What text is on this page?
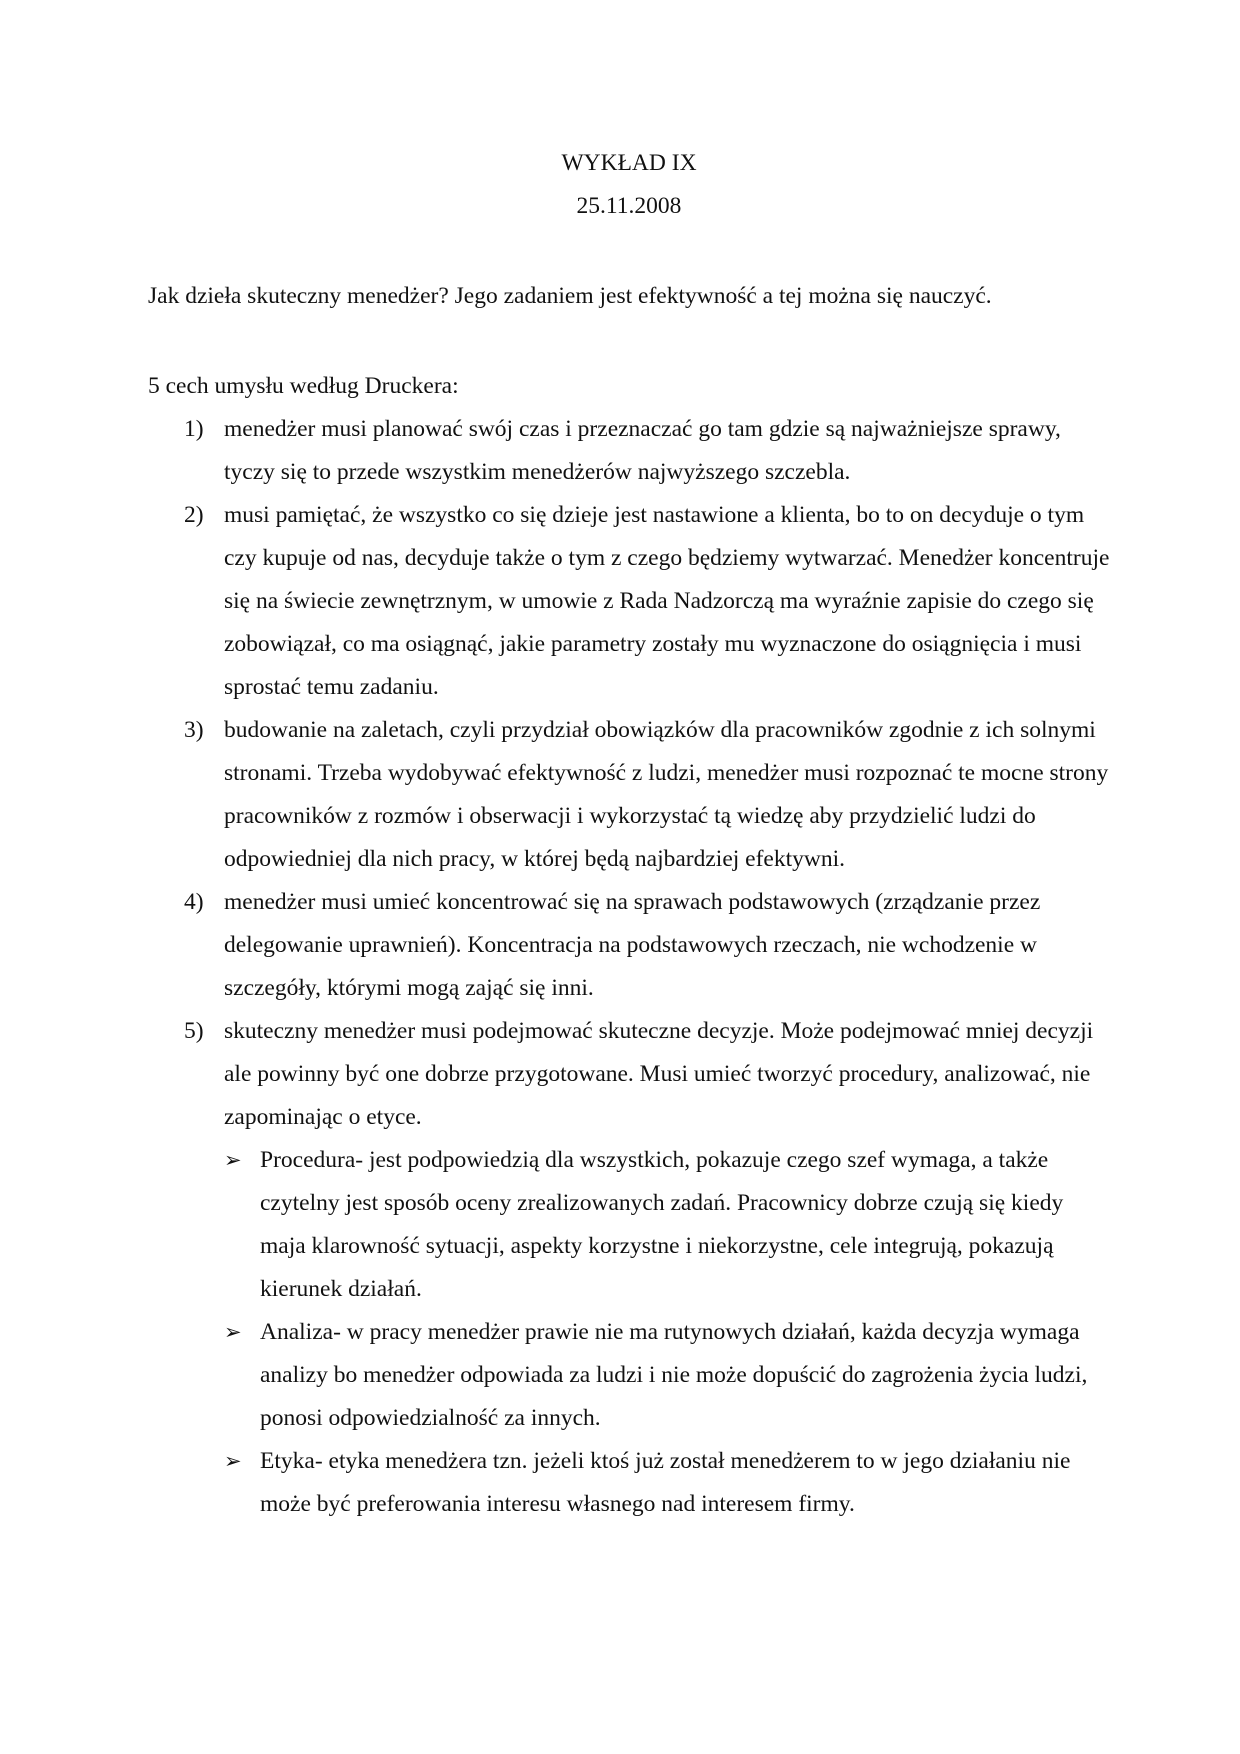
WYKŁAD IX

25.11.2008

Jak dzieła skuteczny menedżer? Jego zadaniem jest efektywność a tej można się nauczyć.

5 cech umysłu według Druckera:

1) menedżer musi planować swój czas i przeznaczać go tam gdzie są najważniejsze sprawy, tyczy się to przede wszystkim menedżerów najwyższego szczebla.
2) musi pamiętać, że wszystko co się dzieje jest nastawione a klienta, bo to on decyduje o tym czy kupuje od nas, decyduje także o tym z czego będziemy wytwarzać. Menedżer koncentruje się na świecie zewnętrznym, w umowie z Rada Nadzorczą ma wyraźnie zapisie do czego się zobowiązał, co ma osiągnąć, jakie parametry zostały mu wyznaczone do osiągnięcia i musi sprostać temu zadaniu.
3) budowanie na zaletach, czyli przydział obowiązków dla pracowników zgodnie z ich solnymi stronami. Trzeba wydobywać efektywność z ludzi, menedżer musi rozpoznać te mocne strony pracowników z rozmów i obserwacji i wykorzystać tą wiedzę aby przydzielić ludzi do odpowiedniej dla nich pracy, w której będą najbardziej efektywni.
4) menedżer musi umieć koncentrować się na sprawach podstawowych (zrządzanie przez delegowanie uprawnień). Koncentracja na podstawowych rzeczach, nie wchodzenie w szczegóły, którymi mogą zająć się inni.
5) skuteczny menedżer musi podejmować skuteczne decyzje. Może podejmować mniej decyzji ale powinny być one dobrze przygotowane. Musi umieć tworzyć procedury, analizować, nie zapominając o etyce.
➢ Procedura- jest podpowiedzią dla wszystkich, pokazuje czego szef wymaga, a także czytelny jest sposób oceny zrealizowanych zadań. Pracownicy dobrze czują się kiedy maja klarowność sytuacji, aspekty korzystne i niekorzystne, cele integrują, pokazują kierunek działań.
➢ Analiza- w pracy menedżer prawie nie ma rutynowych działań, każda decyzja wymaga analizy bo menedżer odpowiada za ludzi i nie może dopuścić do zagrożenia życia ludzi, ponosi odpowiedzialność za innych.
➢ Etyka- etyka menedżera tzn. jeżeli ktoś już został menedżerem to w jego działaniu nie może być preferowania interesu własnego nad interesem firmy.
